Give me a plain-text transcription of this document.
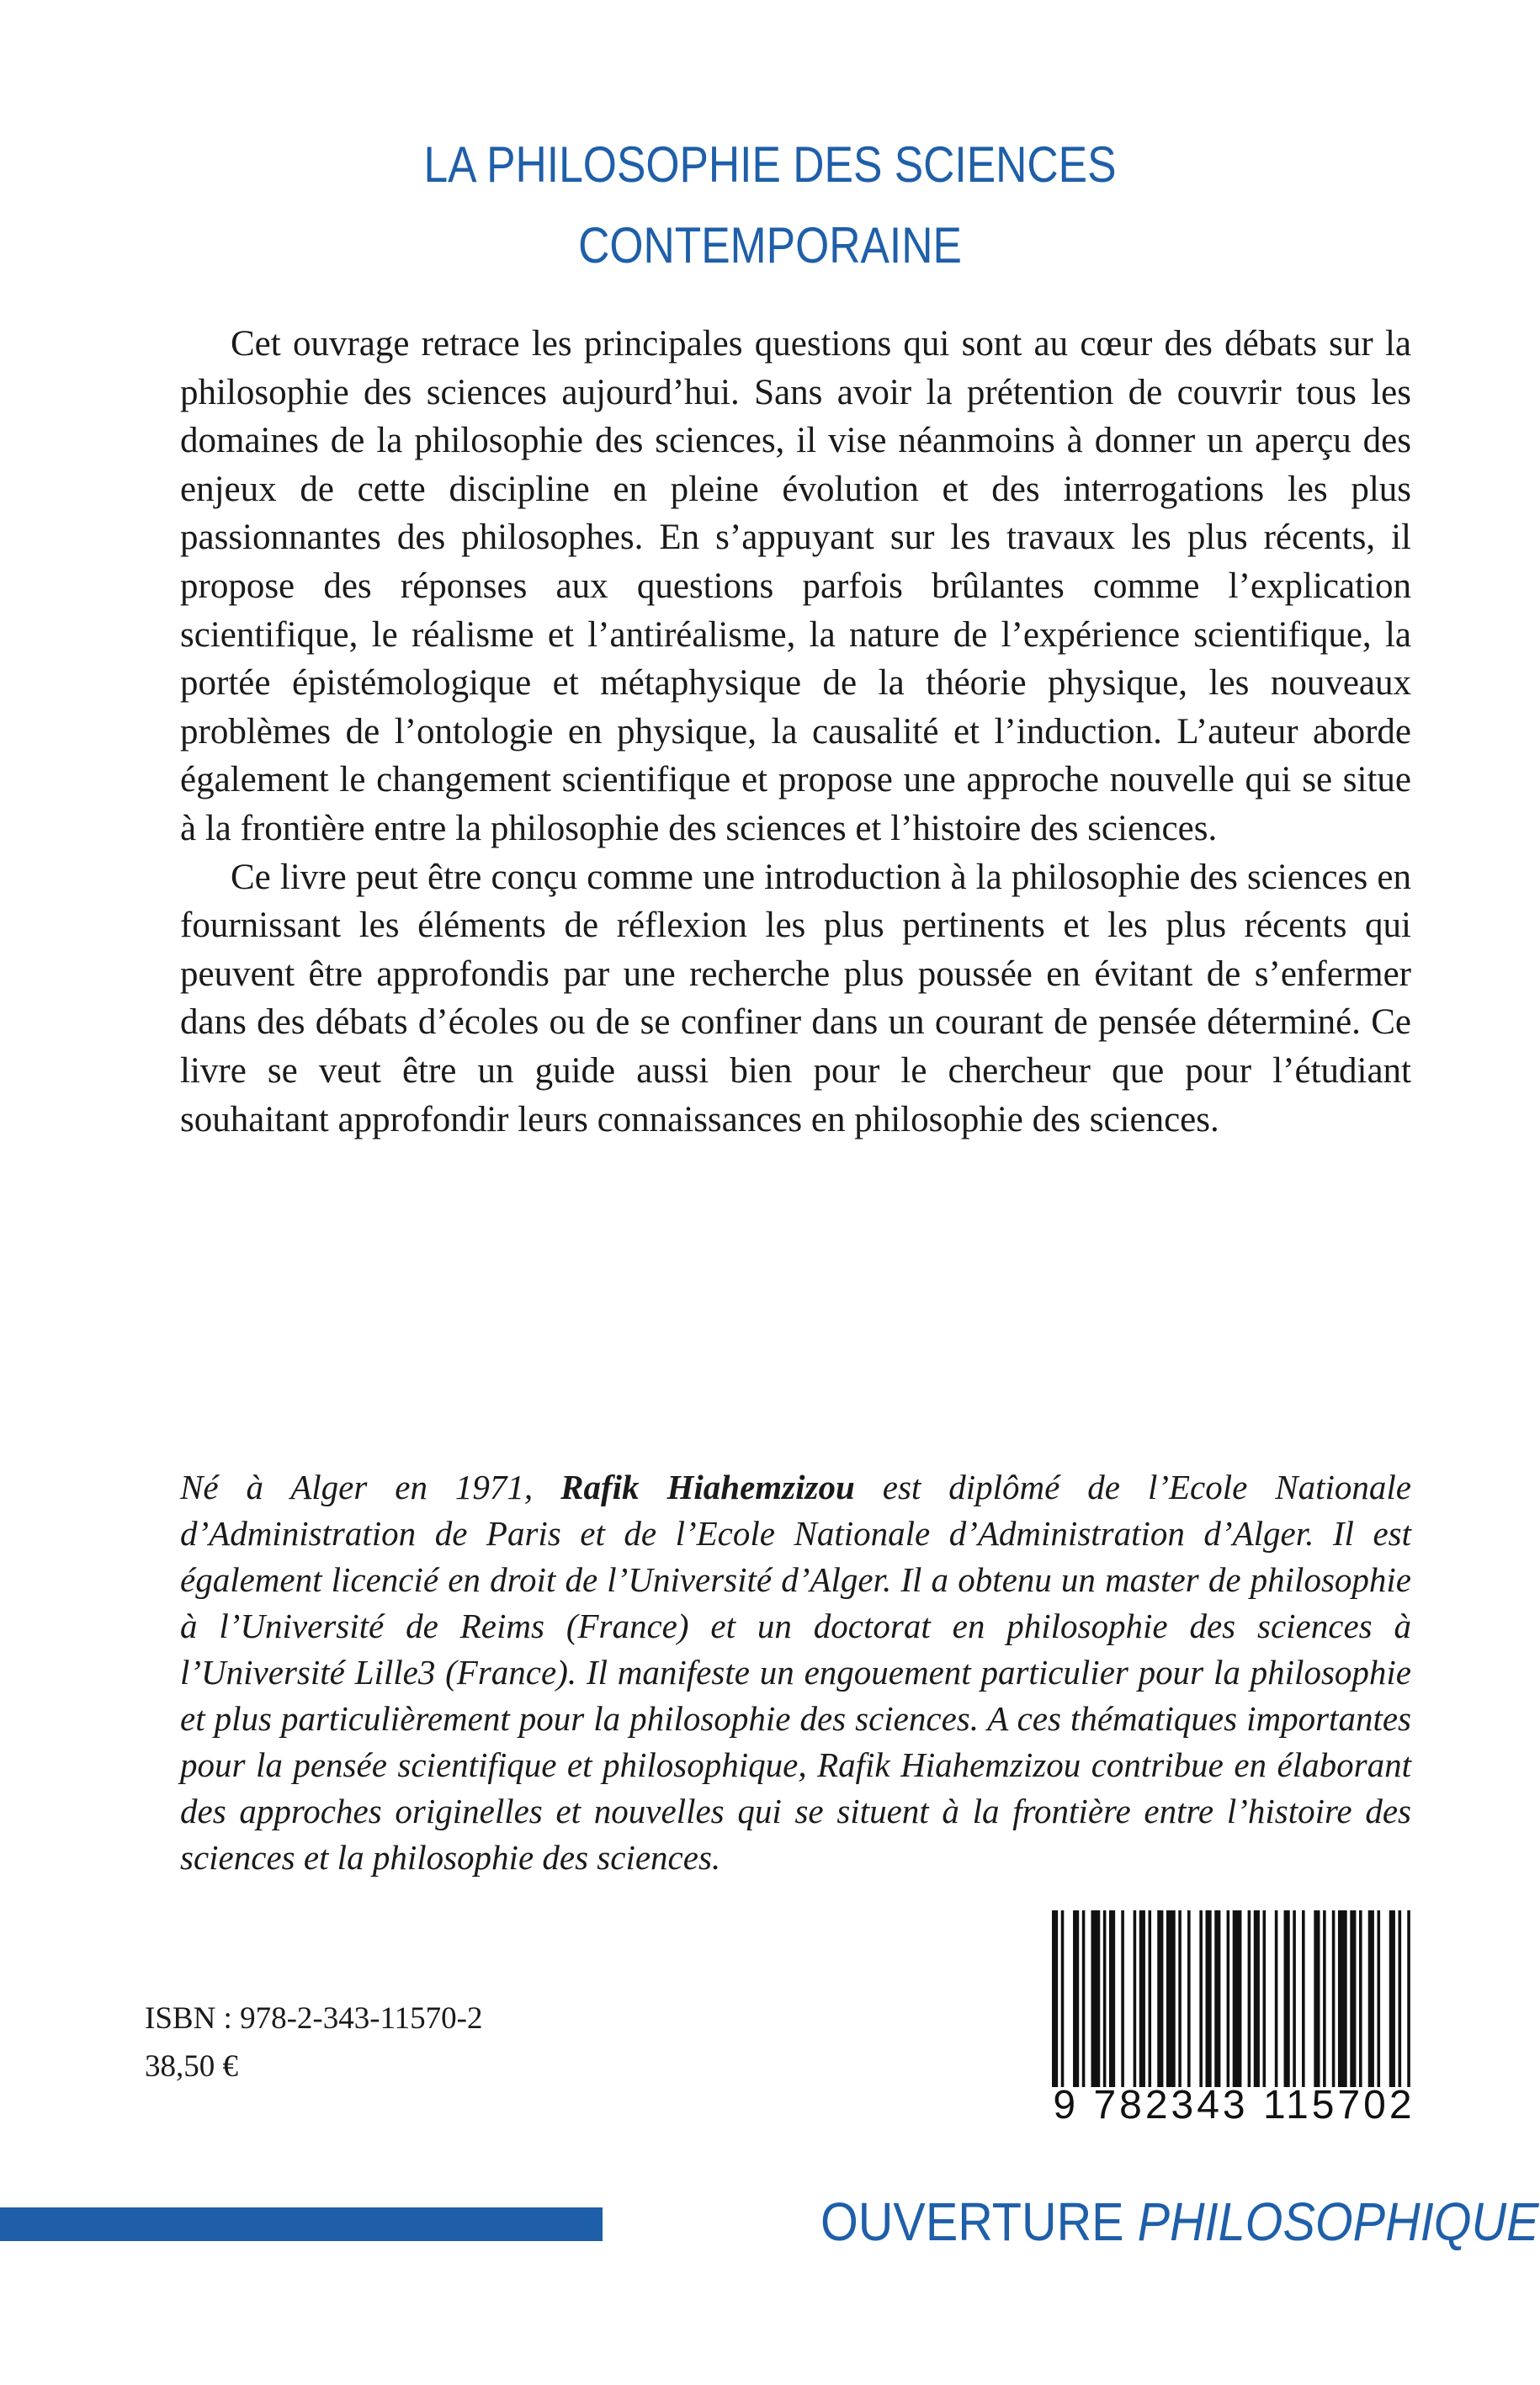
LA PHILOSOPHIE DES SCIENCES
CONTEMPORAINE

Cet ouvrage retrace les principales questions qui sont au cœur des débats sur la philosophie des sciences aujourd’hui. Sans avoir la prétention de couvrir tous les domaines de la philosophie des sciences, il vise néanmoins à donner un aperçu des enjeux de cette discipline en pleine évolution et des interrogations les plus passionnantes des philosophes. En s’appuyant sur les travaux les plus récents, il propose des réponses aux questions parfois brûlantes comme l’explication scientifique, le réalisme et l’antiréalisme, la nature de l’expérience scientifique, la portée épistémologique et métaphysique de la théorie physique, les nouveaux problèmes de l’ontologie en physique, la causalité et l’induction. L’auteur aborde également le changement scientifique et propose une approche nouvelle qui se situe à la frontière entre la philosophie des sciences et l’histoire des sciences.

Ce livre peut être conçu comme une introduction à la philosophie des sciences en fournissant les éléments de réflexion les plus pertinents et les plus récents qui peuvent être approfondis par une recherche plus poussée en évitant de s’enfermer dans des débats d’écoles ou de se confiner dans un courant de pensée déterminé. Ce livre se veut être un guide aussi bien pour le chercheur que pour l’étudiant souhaitant approfondir leurs connaissances en philosophie des sciences.

Né à Alger en 1971, Rafik Hiahemzizou est diplômé de l’Ecole Nationale d’Administration de Paris et de l’Ecole Nationale d’Administration d’Alger. Il est également licencié en droit de l’Université d’Alger. Il a obtenu un master de philosophie à l’Université de Reims (France) et un doctorat en philosophie des sciences à l’Université Lille3 (France). Il manifeste un engouement particulier pour la philosophie et plus particulièrement pour la philosophie des sciences. A ces thématiques importantes pour la pensée scientifique et philosophique, Rafik Hiahemzizou contribue en élaborant des approches originelles et nouvelles qui se situent à la frontière entre l’histoire des sciences et la philosophie des sciences.
ISBN : 978-2-343-11570-2
38,50 €
9 782343 115702
OUVERTURE PHILOSOPHIQUE
